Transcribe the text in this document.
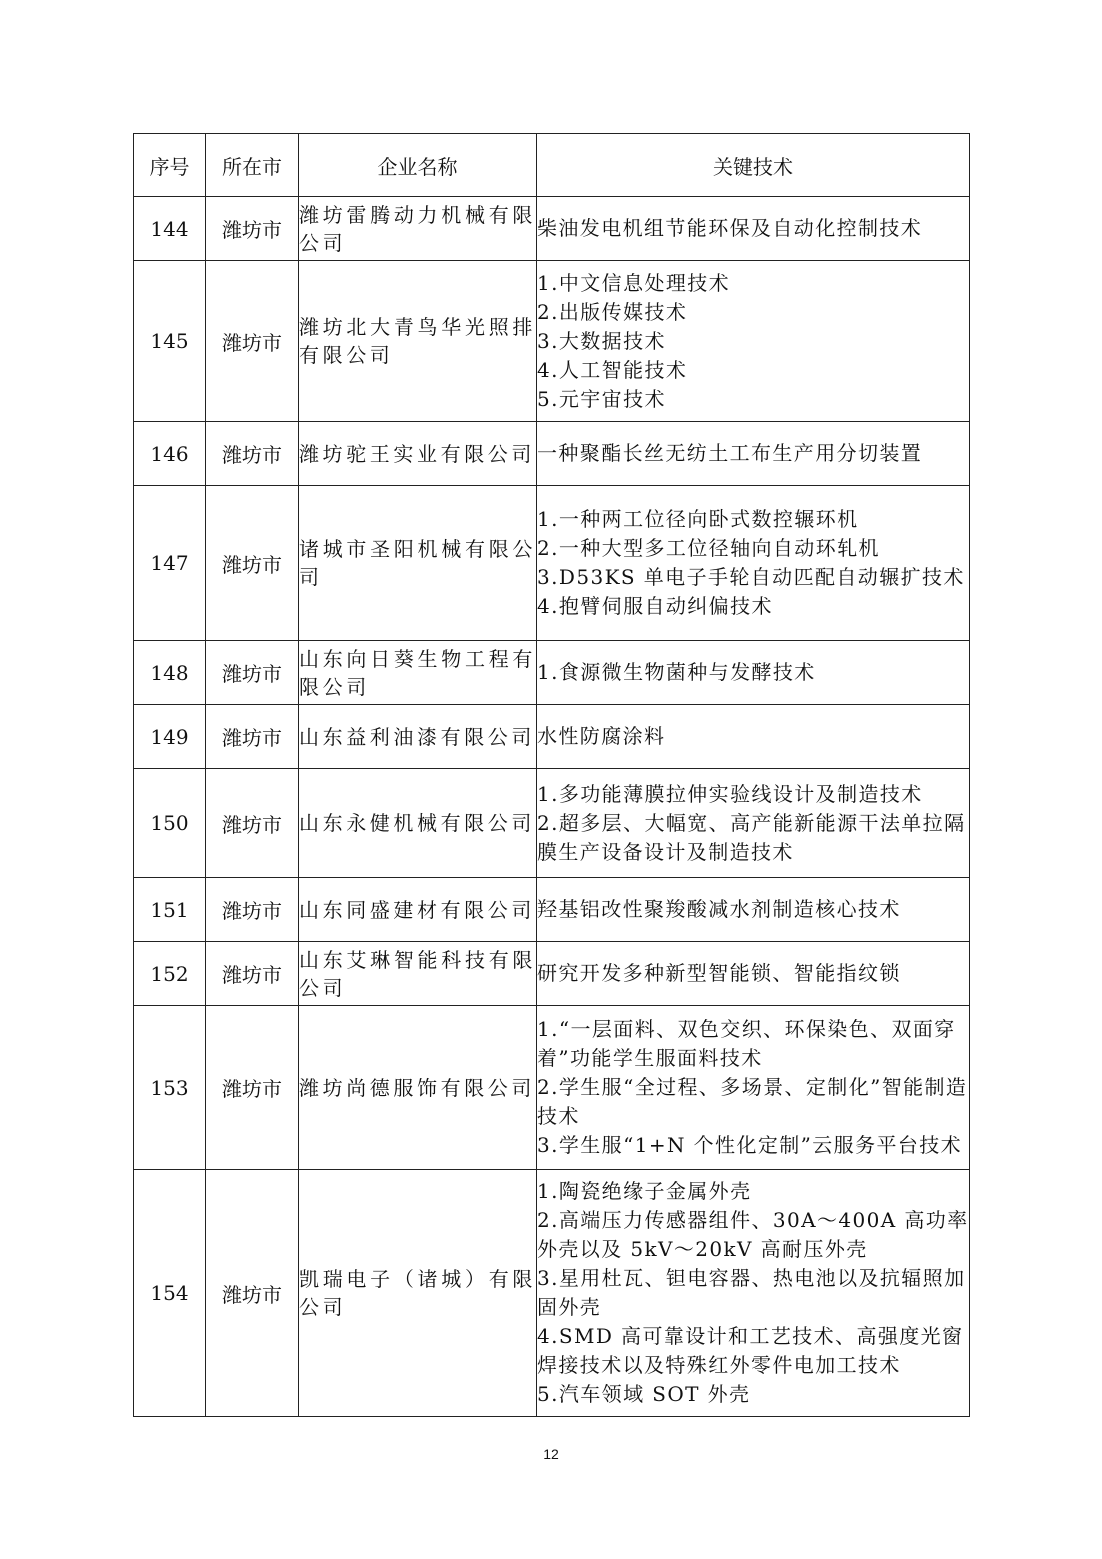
序号	所在市	企业名称	关键技术
144	潍坊市	潍坊雷腾动力机械有限公司	柴油发电机组节能环保及自动化控制技术

145	潍坊市	潍坊北大青鸟华光照排有限公司	1.中文信息处理技术
2.出版传媒技术
3.大数据技术
4.人工智能技术
5.元宇宙技术

146	潍坊市	潍坊驼王实业有限公司	一种聚酯长丝无纺土工布生产用分切装置

147	潍坊市	诸城市圣阳机械有限公司	1.一种两工位径向卧式数控辗环机
2.一种大型多工位径轴向自动环轧机
3.D53KS 单电子手轮自动匹配自动辗扩技术
4.抱臂伺服自动纠偏技术

148	潍坊市	山东向日葵生物工程有限公司	1.食源微生物菌种与发酵技术

149	潍坊市	山东益利油漆有限公司	水性防腐涂料

150	潍坊市	山东永健机械有限公司	1.多功能薄膜拉伸实验线设计及制造技术
2.超多层、大幅宽、高产能新能源干法单拉隔膜生产设备设计及制造技术

151	潍坊市	山东同盛建材有限公司	羟基铝改性聚羧酸减水剂制造核心技术

152	潍坊市	山东艾琳智能科技有限公司	研究开发多种新型智能锁、智能指纹锁

153	潍坊市	潍坊尚德服饰有限公司	1.“一层面料、双色交织、环保染色、双面穿着”功能学生服面料技术
2.学生服“全过程、多场景、定制化”智能制造技术
3.学生服“1+N 个性化定制”云服务平台技术

154	潍坊市	凯瑞电子（诸城）有限公司	1.陶瓷绝缘子金属外壳
2.高端压力传感器组件、30A～400A 高功率外壳以及 5kV～20kV 高耐压外壳
3.星用杜瓦、钽电容器、热电池以及抗辐照加固外壳
4.SMD 高可靠设计和工艺技术、高强度光窗焊接技术以及特殊红外零件电加工技术
5.汽车领域 SOT 外壳
12
